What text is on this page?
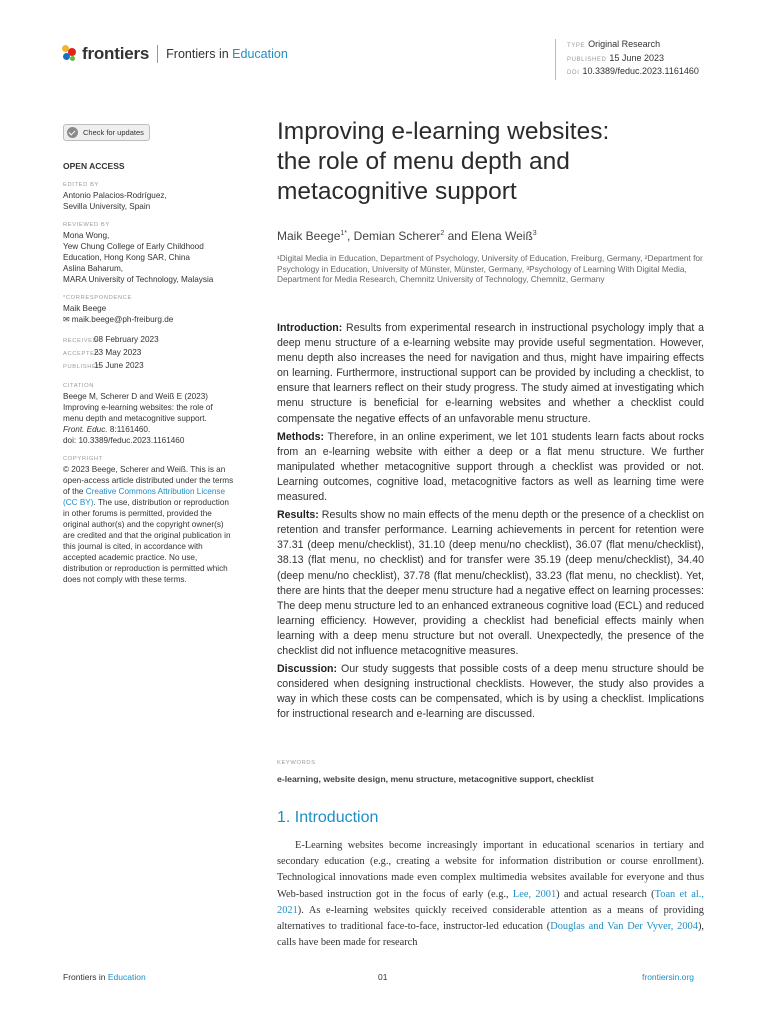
frontiers Frontiers in Education
TYPE Original Research
PUBLISHED 15 June 2023
DOI 10.3389/feduc.2023.1161460
Check for updates
OPEN ACCESS
EDITED BY
Antonio Palacios-Rodríguez,
Sevilla University, Spain
REVIEWED BY
Mona Wong,
Yew Chung College of Early Childhood
Education, Hong Kong SAR, China
Aslina Baharum,
MARA University of Technology, Malaysia
*CORRESPONDENCE
Maik Beege
✉ maik.beege@ph-freiburg.de
RECEIVED08 February 2023
ACCEPTED23 May 2023
PUBLISHED15 June 2023
CITATION
Beege M, Scherer D and Weiß E (2023)
Improving e-learning websites: the role of
menu depth and metacognitive support.
Front. Educ. 8:1161460.
doi: 10.3389/feduc.2023.1161460
COPYRIGHT
© 2023 Beege, Scherer and Weiß. This is an
open-access article distributed under the terms
of the Creative Commons Attribution License
(CC BY). The use, distribution or reproduction
in other forums is permitted, provided the
original author(s) and the copyright owner(s)
are credited and that the original publication in
this journal is cited, in accordance with
accepted academic practice. No use,
distribution or reproduction is permitted which
does not comply with these terms.
Improving e-learning websites:
the role of menu depth and
metacognitive support
Maik Beege$^{1*}$, Demian Scherer$^2$ and Elena Weiß$^3$
¹Digital Media in Education, Department of Psychology, University of Education, Freiburg, Germany, ²Department for Psychology in Education, University of Münster, Münster, Germany, ³Psychology of Learning With Digital Media, Department for Media Research, Chemnitz University of Technology, Chemnitz, Germany

Introduction: Results from experimental research in instructional psychology imply that a deep menu structure of a e-learning website may provide useful segmentation. However, menu depth also increases the need for navigation and thus, might have impairing effects on learning. Furthermore, instructional support can be provided by including a checklist, to ensure that learners reflect on their study progress. The study aimed at investigating which menu structure is beneficial for e-learning websites and whether a checklist could compensate the negative effects of an unfavorable menu structure.

Methods: Therefore, in an online experiment, we let 101 students learn facts about rocks from an e-learning website with either a deep or a flat menu structure. We further manipulated whether metacognitive support through a checklist was provided or not. Learning outcomes, cognitive load, metacognitive factors as well as learning time were measured.

Results: Results show no main effects of the menu depth or the presence of a checklist on retention and transfer performance. Learning achievements in percent for retention were 37.31 (deep menu/checklist), 31.10 (deep menu/no checklist), 36.07 (flat menu/checklist), 38.13 (flat menu, no checklist) and for transfer were 35.19 (deep menu/checklist), 34.40 (deep menu/no checklist), 37.78 (flat menu/checklist), 33.23 (flat menu, no checklist). Yet, there are hints that the deeper menu structure had a negative effect on learning processes: The deep menu structure led to an enhanced extraneous cognitive load (ECL) and reduced learning efficiency. However, providing a checklist had beneficial effects mainly when learning with a deep menu structure but not overall. Unexpectedly, the presence of the checklist did not influence metacognitive measures.

Discussion: Our study suggests that possible costs of a deep menu structure should be considered when designing instructional checklists. However, the study also provides a way in which these costs can be compensated, which is by using a checklist. Implications for instructional research and e-learning are discussed.

KEYWORDS
e-learning, website design, menu structure, metacognitive support, checklist
1. Introduction
E-Learning websites become increasingly important in educational scenarios in tertiary and secondary education (e.g., creating a website for information distribution or course enrollment). Technological innovations made even complex multimedia websites available for everyone and thus Web-based instruction got in the focus of early (e.g., Lee, 2001) and actual research (Toan et al., 2021). As e-learning websites quickly received considerable attention as a means of providing alternatives to traditional face-to-face, instructor-led education (Douglas and Van Der Vyver, 2004), calls have been made for research
Frontiers in Education	01	frontiersin.org
